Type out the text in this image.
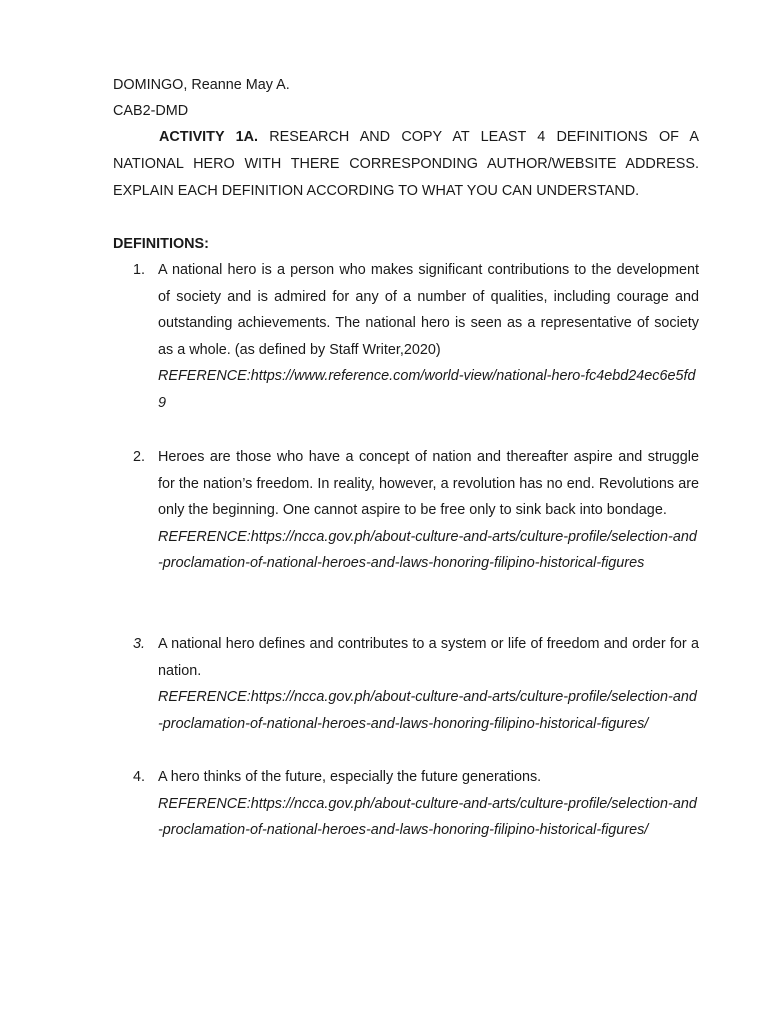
DOMINGO, Reanne May A.
CAB2-DMD
ACTIVITY 1A. RESEARCH AND COPY AT LEAST 4 DEFINITIONS OF A NATIONAL HERO WITH THERE CORRESPONDING AUTHOR/WEBSITE ADDRESS. EXPLAIN EACH DEFINITION ACCORDING TO WHAT YOU CAN UNDERSTAND.
DEFINITIONS:
1. A national hero is a person who makes significant contributions to the development of society and is admired for any of a number of qualities, including courage and outstanding achievements. The national hero is seen as a representative of society as a whole. (as defined by Staff Writer,2020)
REFERENCE:https://www.reference.com/world-view/national-hero-fc4ebd24ec6e5fd9
2. Heroes are those who have a concept of nation and thereafter aspire and struggle for the nation’s freedom. In reality, however, a revolution has no end. Revolutions are only the beginning. One cannot aspire to be free only to sink back into bondage.
REFERENCE:https://ncca.gov.ph/about-culture-and-arts/culture-profile/selection-and-proclamation-of-national-heroes-and-laws-honoring-filipino-historical-figures
3. A national hero defines and contributes to a system or life of freedom and order for a nation.
REFERENCE:https://ncca.gov.ph/about-culture-and-arts/culture-profile/selection-and-proclamation-of-national-heroes-and-laws-honoring-filipino-historical-figures/
4. A hero thinks of the future, especially the future generations.
REFERENCE:https://ncca.gov.ph/about-culture-and-arts/culture-profile/selection-and-proclamation-of-national-heroes-and-laws-honoring-filipino-historical-figures/
